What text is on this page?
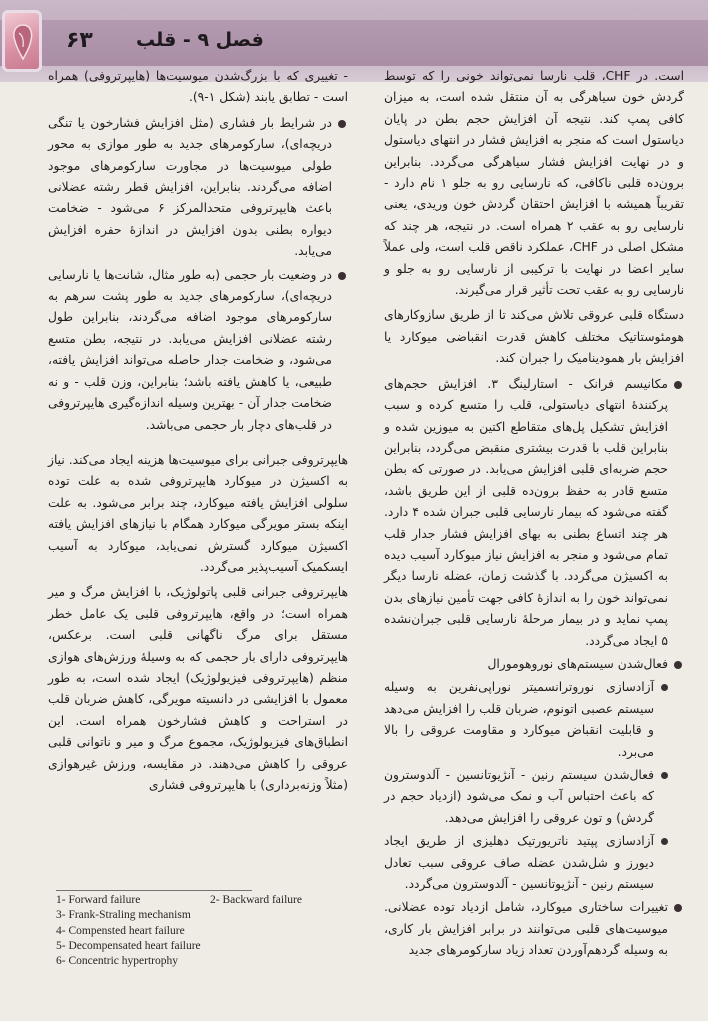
۶۳ فصل ۹ - قلب

است. در CHF، قلب نارسا نمی‌تواند خونی را که توسط گردش خون سیاهرگی به آن منتقل شده است، به میزان کافی پمپ کند. نتیجه آن افزایش حجم بطن در پایان دیاستول است که منجر به افزایش فشار در انتهای دیاستول و در نهایت افزایش فشار سیاهرگی می‌گردد. بنابراین برون‌ده قلبی ناکافی، که نارسایی رو به جلو ۱ نام دارد - تقریباً همیشه با افزایش احتقان گردش خون وریدی، یعنی نارسایی رو به عقب ۲ همراه است. در نتیجه، هر چند که مشکل اصلی در CHF، عملکرد ناقص قلب است، ولی عملاً سایر اعضا در نهایت با ترکیبی از نارسایی رو به جلو و نارسایی رو به عقب تحت تأثیر قرار می‌گیرند.

دستگاه قلبی عروقی تلاش می‌کند تا از طریق سازوکارهای هومئوستاتیک مختلف کاهش قدرت انقباضی میوکارد یا افزایش بار همودینامیک را جبران کند.

مکانیسم فرانک - استارلینگ ۳. افزایش حجم‌های پرکنندهٔ انتهای دیاستولی، قلب را متسع کرده و سبب افزایش تشکیل پل‌های متقاطع اکتین به میوزین شده و بنابراین قلب با قدرت بیشتری منقبض می‌گردد، بنابراین حجم ضربه‌ای قلبی افزایش می‌یابد. در صورتی که بطن متسع قادر به حفظ برون‌ده قلبی از این طریق باشد، گفته می‌شود که بیمار نارسایی قلبی جبران شده ۴ دارد. هر چند اتساع بطنی به بهای افزایش فشار جدار قلب تمام می‌شود و منجر به افزایش نیاز میوکارد آسیب دیده به اکسیژن می‌گردد. با گذشت زمان، عضله نارسا دیگر نمی‌تواند خون را به اندازهٔ کافی جهت تأمین نیازهای بدن پمپ نماید و در بیمار مرحلهٔ نارسایی قلبی جبران‌نشده ۵ ایجاد می‌گردد.
فعال‌شدن سیستم‌های نوروهومورال
آزادسازی نوروترانسمیتر نوراپی‌نفرین به وسیله سیستم عصبی اتونوم، ضربان قلب را افزایش می‌دهد و قابلیت انقباض میوکارد و مقاومت عروقی را بالا می‌برد.
فعال‌شدن سیستم رنین - آنژیوتانسین - آلدوسترون که باعث احتباس آب و نمک می‌شود (ازدیاد حجم در گردش) و تون عروقی را افزایش می‌دهد.
آزادسازی پپتید ناتریورتیک دهلیزی از طریق ایجاد دیورز و شل‌شدن عضله صاف عروقی سبب تعادل سیستم رنین - آنژیوتانسین - آلدوسترون می‌گردد.
تغییرات ساختاری میوکارد، شامل ازدیاد توده عضلانی. میوسیت‌های قلبی می‌توانند در برابر افزایش بار کاری، به وسیله گردهم‌آوردن تعداد زیاد سارکومرهای جدید

- تغییری که با بزرگ‌شدن میوسیت‌ها (هایپرتروفی) همراه است - تطابق یابند (شکل ۱-۹).

در شرایط بار فشاری (مثل افزایش فشارخون یا تنگی دریچه‌ای)، سارکومرهای جدید به طور موازی به محور طولی میوسیت‌ها در مجاورت سارکومرهای موجود اضافه می‌گردند. بنابراین، افزایش قطر رشته عضلانی باعث هایپرتروفی متحدالمرکز ۶ می‌شود - ضخامت دیواره بطنی بدون افزایش در اندازهٔ حفره افزایش می‌یابد.
در وضعیت بار حجمی (به طور مثال، شانت‌ها یا نارسایی دریچه‌ای)، سارکومرهای جدید به طور پشت سرهم به سارکومرهای موجود اضافه می‌گردند، بنابراین طول رشته عضلانی افزایش می‌یابد. در نتیجه، بطن متسع می‌شود، و ضخامت جدار حاصله می‌تواند افزایش یافته، طبیعی، یا کاهش یافته باشد؛ بنابراین، وزن قلب - و نه ضخامت جدار آن - بهترین وسیله اندازه‌گیری هایپرتروفی در قلب‌های دچار بار حجمی می‌باشد.

هایپرتروفی جبرانی برای میوسیت‌ها هزینه ایجاد می‌کند. نیاز به اکسیژن در میوکارد هایپرتروفی شده به علت توده سلولی افزایش یافته میوکارد، چند برابر می‌شود. به علت اینکه بستر مویرگی میوکارد همگام با نیازهای افزایش یافته اکسیژن میوکارد گسترش نمی‌یابد، میوکارد به آسیب ایسکمیک آسیب‌پذیر می‌گردد.

هایپرتروفی جبرانی قلبی پاتولوژیک، با افزایش مرگ و میر همراه است؛ در واقع، هایپرتروفی قلبی یک عامل خطر مستقل برای مرگ ناگهانی قلبی است. برعکس، هایپرتروفی دارای بار حجمی که به وسیلهٔ ورزش‌های هوازی منظم (هایپرتروفی فیزیولوژیک) ایجاد شده است، به طور معمول با افزایشی در دانسیته مویرگی، کاهش ضربان قلب در استراحت و کاهش فشارخون همراه است. این انطباق‌های فیزیولوژیک، مجموع مرگ و میر و ناتوانی قلبی عروقی را کاهش می‌دهند. در مقایسه، ورزش غیرهوازی (مثلاً وزنه‌برداری) با هایپرتروفی فشاری

1- Forward failure	2- Backward failure
3- Frank-Straling mechanism
4- Compensted heart failure
5- Decompensated heart failure
6- Concentric hypertrophy
